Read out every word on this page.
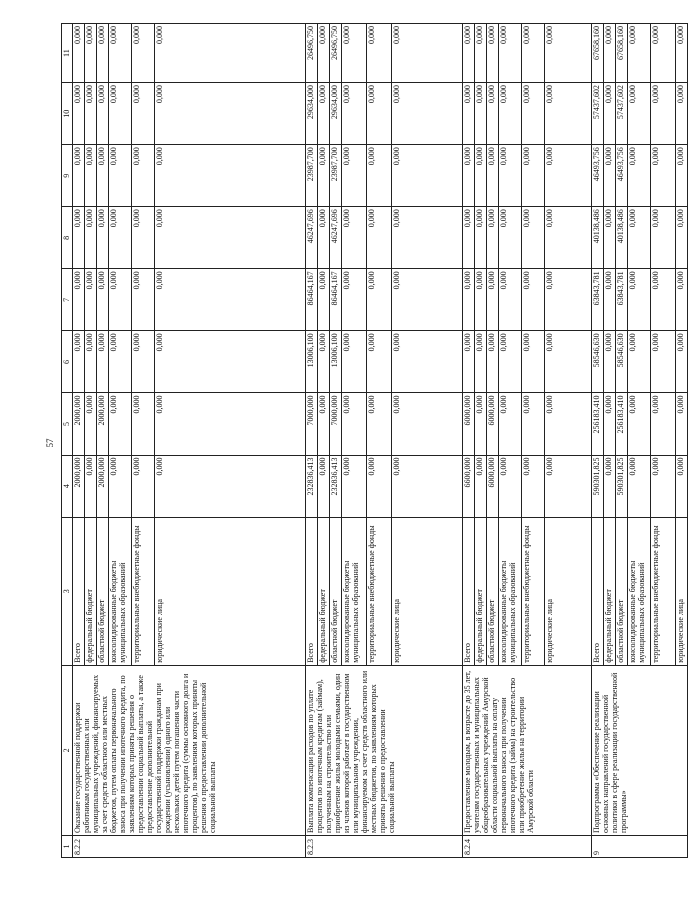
57
1	2	3	4	5	6	7	8	9	10	11
8.2.2	Оказание государственной поддержки работникам государственных или муниципальных учреждений, финансируемых за счет средств областного или местных бюджетов, путем оплаты первоначального взноса при получении ипотечного кредита, по заявлениям которых приняты решения о предоставлении социальной выплаты, а также предоставление дополнительной государственной поддержки гражданам при рождении (усыновлении) одного или нескольких детей путем погашения части ипотечного кредита (суммы основного долга и процентов), по заявлениям которых приняты решения о предоставлении дополнительной социальной выплаты	Всего	2000,000	2000,000	0,000	0,000	0,000	0,000	0,000	0,000
		федеральный бюджет	0,000	0,000	0,000	0,000	0,000	0,000	0,000	0,000
		областной бюджет	2000,000	2000,000	0,000	0,000	0,000	0,000	0,000	0,000
		консолидированные бюджеты муниципальных образований	0,000	0,000	0,000	0,000	0,000	0,000	0,000	0,000
		территориальные внебюджетные фонды	0,000	0,000	0,000	0,000	0,000	0,000	0,000	0,000
		юридические лица	0,000	0,000	0,000	0,000	0,000	0,000	0,000	0,000
8.2.3	Выплата компенсации расходов по уплате процентов по ипотечным кредитам (займам), полученным на строительство или приобретение жилья молодыми семьями, один из членов которой работает в государственном или муниципальном учреждении, финансируемом за счет средств областного или местных бюджетов, по заявлениям которых приняты решения о предоставлении социальной выплаты	Всего	232836,413	7000,000	13006,100	86464,167	46247,696	23987,700	29634,000	26496,750
		федеральный бюджет	0,000	0,000	0,000	0,000	0,000	0,000	0,000	0,000
		областной бюджет	232836,413	7000,000	13006,100	86464,167	46247,696	23987,700	29634,000	26496,750
		консолидированные бюджеты муниципальных образований	0,000	0,000	0,000	0,000	0,000	0,000	0,000	0,000
		территориальные внебюджетные фонды	0,000	0,000	0,000	0,000	0,000	0,000	0,000	0,000
		юридические лица	0,000	0,000	0,000	0,000	0,000	0,000	0,000	0,000
8.2.4	Предоставление молодым, в возрасте до 35 лет, учителям государственных и муниципальных общеобразовательных учреждений Амурской области социальной выплаты на оплату первоначального взноса при получении ипотечного кредита (займа) на строительство или приобретение жилья на территории Амурской области	Всего	6600,000	6000,000	0,000	0,000	0,000	0,000	0,000	0,000
		федеральный бюджет	0,000	0,000	0,000	0,000	0,000	0,000	0,000	0,000
		областной бюджет	6000,000	6000,000	0,000	0,000	0,000	0,000	0,000	0,000
		консолидированные бюджеты муниципальных образований	0,000	0,000	0,000	0,000	0,000	0,000	0,000	0,000
		территориальные внебюджетные фонды	0,000	0,000	0,000	0,000	0,000	0,000	0,000	0,000
		юридические лица	0,000	0,000	0,000	0,000	0,000	0,000	0,000	0,000
9	Подпрограмма «Обеспечение реализации основных направлений государственной политики в сфере реализации государственной программы»	Всего	590301,825	256183,410	58546,630	63843,781	40138,486	46493,756	57437,602	67658,160
		федеральный бюджет	0,000	0,000	0,000	0,000	0,000	0,000	0,000	0,000
		областной бюджет	590301,825	256183,410	58546,630	63843,781	40138,486	46493,756	57437,602	67658,160
		консолидированные бюджеты муниципальных образований	0,000	0,000	0,000	0,000	0,000	0,000	0,000	0,000
		территориальные внебюджетные фонды	0,000	0,000	0,000	0,000	0,000	0,000	0,000	0,000
		юридические лица	0,000	0,000	0,000	0,000	0,000	0,000	0,000	0,000
